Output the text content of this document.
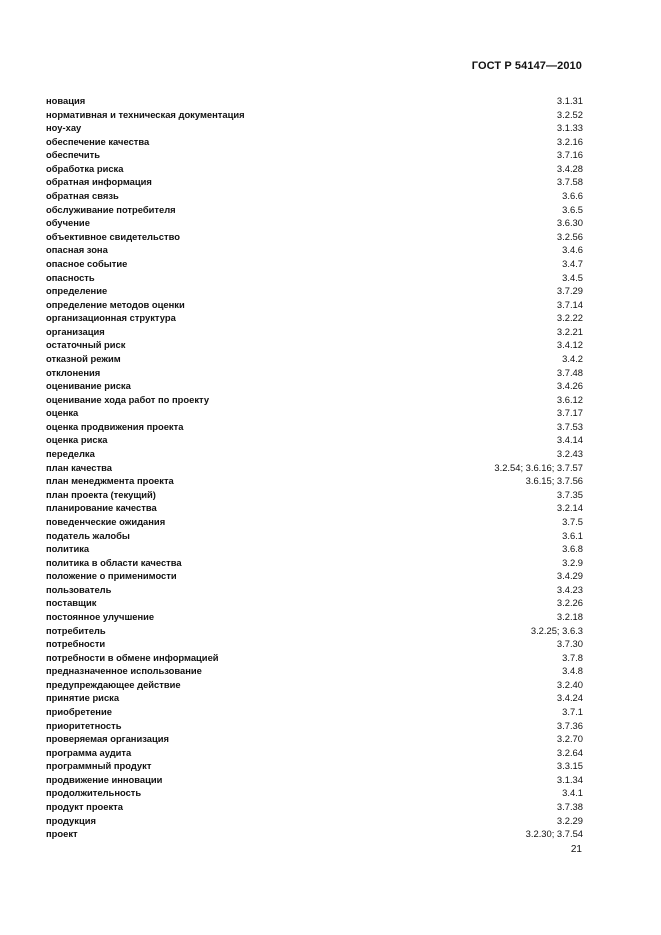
ГОСТ Р 54147—2010
новация	3.1.31
нормативная и техническая документация	3.2.52
ноу-хау	3.1.33
обеспечение качества	3.2.16
обеспечить	3.7.16
обработка риска	3.4.28
обратная информация	3.7.58
обратная связь	3.6.6
обслуживание потребителя	3.6.5
обучение	3.6.30
объективное свидетельство	3.2.56
опасная зона	3.4.6
опасное событие	3.4.7
опасность	3.4.5
определение	3.7.29
определение методов оценки	3.7.14
организационная структура	3.2.22
организация	3.2.21
остаточный риск	3.4.12
отказной режим	3.4.2
отклонения	3.7.48
оценивание риска	3.4.26
оценивание хода работ по проекту	3.6.12
оценка	3.7.17
оценка продвижения проекта	3.7.53
оценка риска	3.4.14
переделка	3.2.43
план качества	3.2.54; 3.6.16; 3.7.57
план менеджмента проекта	3.6.15; 3.7.56
план проекта (текущий)	3.7.35
планирование качества	3.2.14
поведенческие ожидания	3.7.5
податель жалобы	3.6.1
политика	3.6.8
политика в области качества	3.2.9
положение о применимости	3.4.29
пользователь	3.4.23
поставщик	3.2.26
постоянное улучшение	3.2.18
потребитель	3.2.25; 3.6.3
потребности	3.7.30
потребности в обмене информацией	3.7.8
предназначенное использование	3.4.8
предупреждающее действие	3.2.40
принятие риска	3.4.24
приобретение	3.7.1
приоритетность	3.7.36
проверяемая организация	3.2.70
программа аудита	3.2.64
программный продукт	3.3.15
продвижение инновации	3.1.34
продолжительность	3.4.1
продукт проекта	3.7.38
продукция	3.2.29
проект	3.2.30; 3.7.54
21
